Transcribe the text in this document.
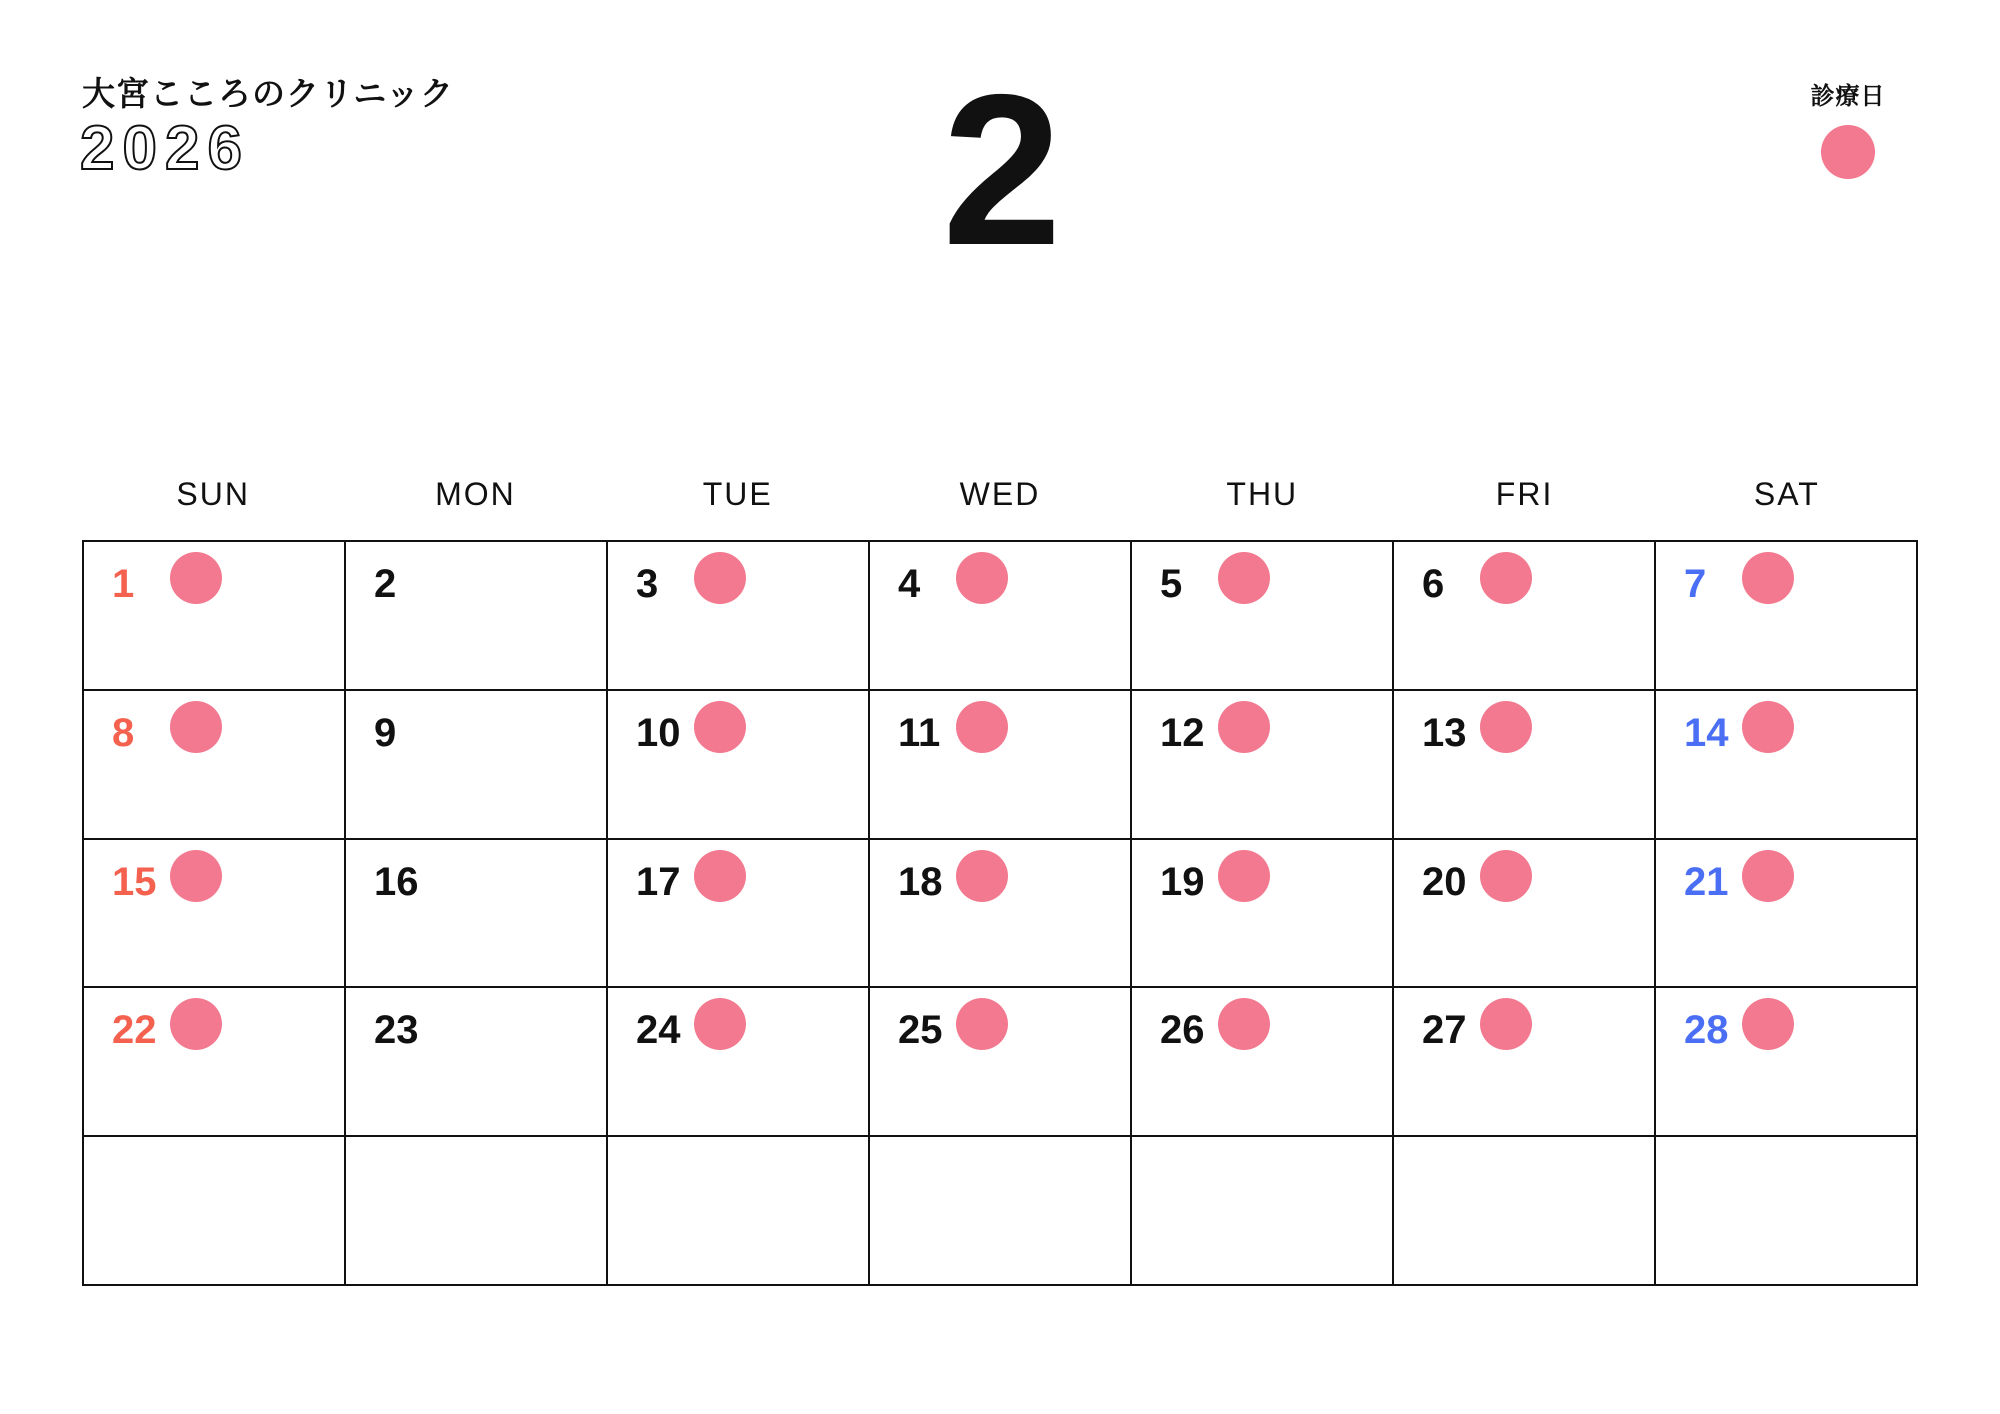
大宮こころのクリニック
2026	2	診療日
SUN	MON	TUE	WED	THU	FRI	SAT
1	2	3	4	5	6	7
8	9	10	11	12	13	14
15	16	17	18	19	20	21
22	23	24	25	26	27	28
